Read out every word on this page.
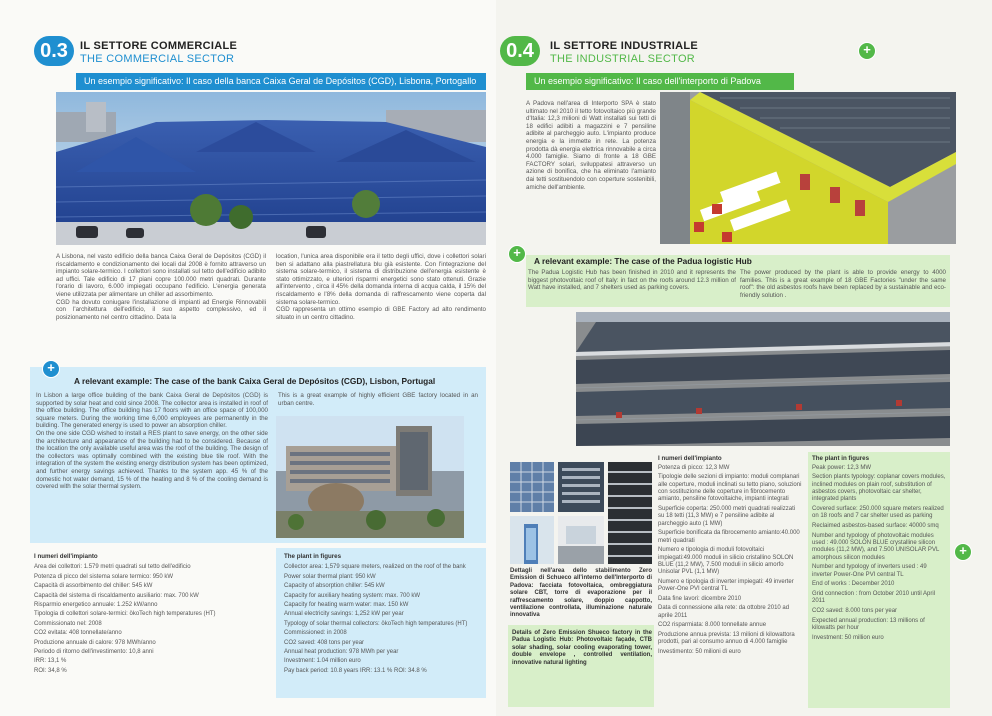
0.3	IL SETTORE COMMERCIALE
THE COMMERCIAL SECTOR
Un esempio significativo: Il caso della banca Caixa Geral de Depósitos (CGD), Lisbona, Portogallo
A Lisbona, nel vasto edificio della banca Caixa Geral de Depósitos (CGD) il riscaldamento e condizionamento dei locali dal 2008 è fornito attraverso un impianto solare-termico. I collettori sono installati sul tetto dell'edificio adibito ad uffici. Tale edificio di 17 piani copre 100.000 metri quadrati. Durante l'orario di lavoro, 6.000 impiegati occupano l'edificio. L'energia generata viene utilizzata per alimentare un chiller ad assorbimento.
CGD ha dovuto coniugare l'installazione di impianti ad Energie Rinnovabili con l'architettura dell'edificio, il suo aspetto complessivo, ed il posizionamento nel centro cittadino. Data la
location, l'unica area disponibile era il tetto degli uffici, dove i collettori solari ben si adattano alla piastrellatura blu già esistente. Con l'integrazione del sistema solare-termico, il sistema di distribuzione dell'energia esistente è stato ottimizzato, e ulteriori risparmi energetici sono stato ottenuti. Grazie all'intervento , circa il 45% della domanda interna di acqua calda, il 15% del riscaldamento e l'8% della domanda di raffrescamento viene coperta dal sistema solare-termico.
CGD rappresenta un ottimo esempio di GBE Factory ad alto rendimento situato in un centro cittadino.
+
A relevant example: The case of the bank Caixa Geral de Depósitos (CGD), Lisbon, Portugal
In Lisbon a large office building of the bank Caixa Geral de Depósitos (CGD) is supported by solar heat and cold since 2008. The collector area is installed in roof of the office building. The office building has 17 floors with an office space of 100,000 square meters. During the working time 6,000 employees are permanently in the building. The generated energy is used to power an absorption chiller.
On the one side CGD wished to install a RES plant to save energy, on the other side the architecture and appearance of the building had to be considered. Because of the location the only available useful area was the roof of the building. The design of the collectors was optimally combined with the existing blue tile roof. With the integration of the system the existing energy distribution system has been optimized, and further energy savings achieved. Thanks to the system app. 45 % of the domestic hot water demand, 15 % of the heating and 8 % of the cooling demand is covered with the solar thermal system.
This is a great example of highly efficient GBE factory located in an urban centre.
I numeri dell'impianto
Area dei collettori: 1.579 metri quadrati sul tetto dell'edificio
Potenza di picco del sistema solare termico: 950 kW
Capacità di assorbimento del chiller: 545 kW
Capacità del sistema di riscaldamento ausiliario: max. 700 kW
Risparmio energetico annuale: 1.252 kW/anno
Tipologia di collettori solare-termici: ökoTech high temperatures (HT)
Commissionato nel: 2008
CO2 evitata: 408 tonnellate/anno
Produzione annuale di calore: 978 MWh/anno
Periodo di ritorno dell'investimento: 10,8 anni
IRR: 13,1 %
ROI: 34,8 %
The plant in figures
Collector area: 1,579 square meters, realized on the roof of the bank
Power solar thermal plant: 950 kW
Capacity of absorption chiller: 545 kW
Capacity for auxiliary heating system: max. 700 kW
Capacity for heating warm water: max. 150 kW
Annual electricity savings: 1,252 kW per year
Typology of solar thermal collectors: ökoTech high temperatures (HT)
Commissioned: in 2008
CO2 saved: 408 tons per year
Annual heat production: 978 MWh per year
Investment: 1.04 million euro
Pay back period: 10.8 years IRR: 13.1 % ROI: 34.8 %
0.4	IL SETTORE INDUSTRIALE
THE INDUSTRIAL SECTOR
+
Un esempio significativo: Il caso dell'interporto di Padova
A Padova nell'area di Interporto SPA è stato ultimato nel 2010 il tetto fotovoltaico più grande d'Italia: 12,3 milioni di Watt installati sui tetti di 18 edifici adibiti a magazzini e 7 pensiline adibite al parcheggio auto. L'impianto produce energia e la immette in rete. La potenza prodotta dà energia elettrica rinnovabile a circa 4.000 famiglie. Siamo di fronte a 18 GBE FACTORY solari, sviluppatesi attraverso un azione di bonifica, che ha eliminato l'amianto dai tetti sostituendolo con coperture sostenibili, amiche dell'ambiente.
+
A relevant example: The case of the Padua logistic Hub
The Padua Logistic Hub has been finished in 2010 and it represents the biggest photovoltaic roof of Italy: in fact on the roofs around 12.3 million of Watt have installed, and 7 shelters used as parking covers.
The power produced by the plant is able to provide energy to 4000 families. This is a great example of 18 GBE Factories "under the same roof": the old asbestos roofs have been replaced by a sustainable and eco-friendly solution .
Dettagli nell'area dello stabilimento Zero Emission di Schueco all'interno dell'Interporto di Padova: facciata fotovoltaica, ombreggiatura solare CBT, torre di evaporazione per il raffrescamento solare, doppio cappotto, ventilazione controllata, illuminazione naturale innovativa
Details of Zero Emission Shueco factory in the Padua Logistic Hub: Photovoltaic façade, CTB solar shading, solar cooling evaporating tower, double envelope , controlled ventilation, innovative natural lighting
I numeri dell'impianto
Potenza di picco: 12,3 MW
Tipologie delle sezioni di impianto: moduli complanari alle coperture, moduli inclinati su tetto piano, soluzioni con sostituzione delle coperture in fibrocemento amianto, pensiline fotovoltaiche, impianti integrati
Superficie coperta: 250.000 metri quadrati realizzati su 18 tetti (11,3 MW) e 7 pensiline adibite al parcheggio auto (1 MW)
Superficie bonificata da fibrocemento amianto:40.000 metri quadrati
Numero e tipologia di moduli fotovoltaici impiegati:49.000 moduli in silicio cristallino SOLON BLUE (11,2 MW), 7.500 moduli in silicio amorfo Unisolar PVL (1,1 MW)
Numero e tipologia di inverter impiegati: 49 inverter Power-One PVI central TL
Data fine lavori: dicembre 2010
Data di connessione alla rete: da ottobre 2010 ad aprile 2011
CO2 risparmiata: 8.000 tonnellate annue
Produzione annua prevista: 13 milioni di kilowattora prodotti, pari al consumo annuo di 4.000 famiglie
Investimento: 50 milioni di euro
The plant in figures
Peak power: 12,3 MW
Section plants typology: coplanar covers modules, inclined modules on plain roof, substitution of asbestos covers, photovoltaic car shelter, integrated plants
Covered surface: 250.000 square meters realized on 18 roofs and 7 car shelter used as parking
Reclaimed asbestos-based surface: 40000 smq
Number and typology of photovoltaic modules used : 49.000 SOLON BLUE crystalline silicon modules (11,2 MW), and 7.500 UNISOLAR PVL amorphous silicon modules
Number and typology of inverters used : 49 inverter Power-One PVI central TL
End of works : December 2010
Grid connection : from October 2010 until April 2011
CO2 saved: 8.000 tons per year
Expected annual production: 13 millions of kilowatts per hour
Investment: 50 million euro
+
